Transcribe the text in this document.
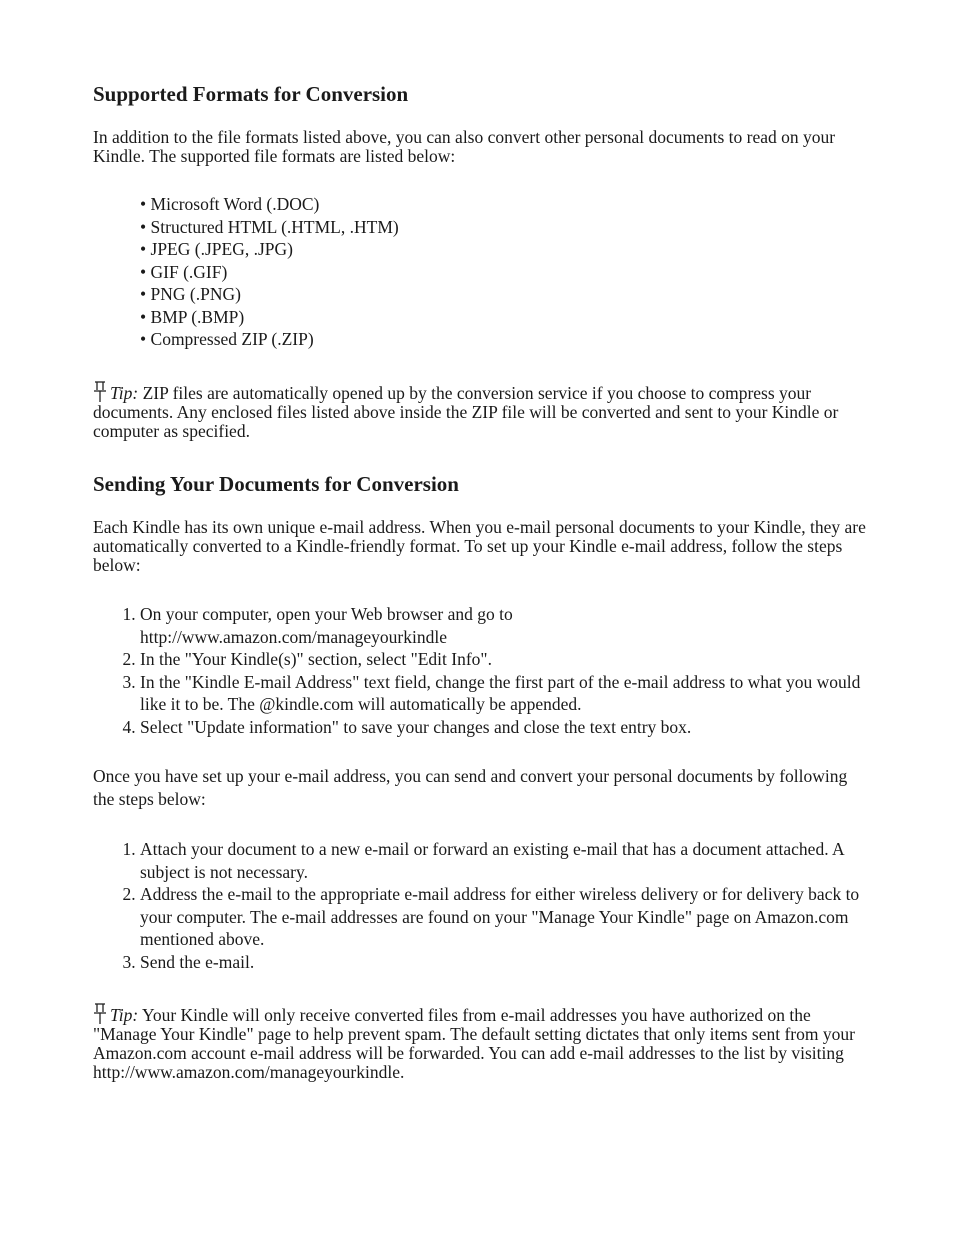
Supported Formats for Conversion

In addition to the file formats listed above, you can also convert other personal documents to read on your Kindle. The supported file formats are listed below:

• Microsoft Word (.DOC)
• Structured HTML (.HTML, .HTM)
• JPEG (.JPEG, .JPG)
• GIF (.GIF)
• PNG (.PNG)
• BMP (.BMP)
• Compressed ZIP (.ZIP)

Tip: ZIP files are automatically opened up by the conversion service if you choose to compress your documents. Any enclosed files listed above inside the ZIP file will be converted and sent to your Kindle or computer as specified.

Sending Your Documents for Conversion

Each Kindle has its own unique e-mail address. When you e-mail personal documents to your Kindle, they are automatically converted to a Kindle-friendly format. To set up your Kindle e-mail address, follow the steps below:

1. On your computer, open your Web browser and go to
http://www.amazon.com/manageyourkindle
2. In the "Your Kindle(s)" section, select "Edit Info".
3. In the "Kindle E-mail Address" text field, change the first part of the e-mail address to what you would like it to be. The @kindle.com will automatically be appended.
4. Select "Update information" to save your changes and close the text entry box.

Once you have set up your e-mail address, you can send and convert your personal documents by following the steps below:

1. Attach your document to a new e-mail or forward an existing e-mail that has a document attached. A subject is not necessary.
2. Address the e-mail to the appropriate e-mail address for either wireless delivery or for delivery back to your computer. The e-mail addresses are found on your "Manage Your Kindle" page on Amazon.com mentioned above.
3. Send the e-mail.

Tip: Your Kindle will only receive converted files from e-mail addresses you have authorized on the "Manage Your Kindle" page to help prevent spam. The default setting dictates that only items sent from your Amazon.com account e-mail address will be forwarded. You can add e-mail addresses to the list by visiting
http://www.amazon.com/manageyourkindle.
